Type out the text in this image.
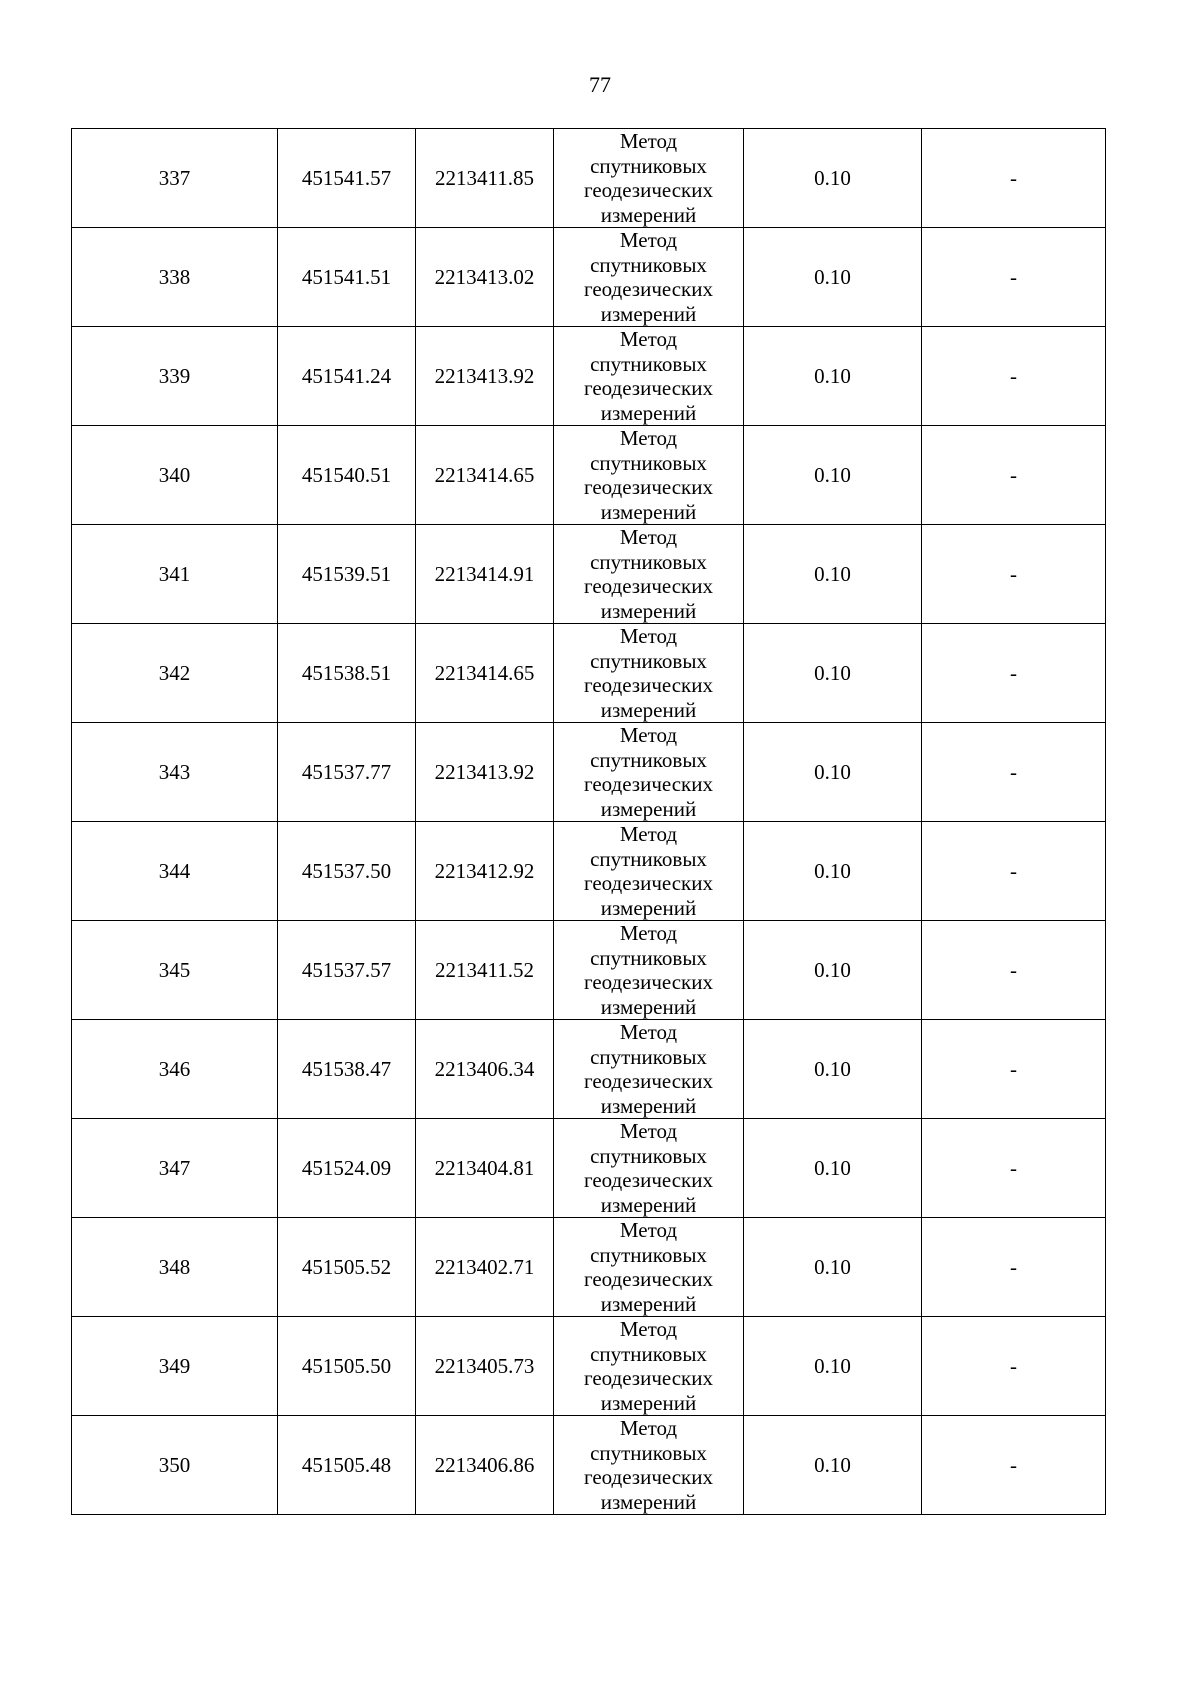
77
337	451541.57	2213411.85	Метод
спутниковых
геодезических
измерений	0.10	-
338	451541.51	2213413.02	Метод
спутниковых
геодезических
измерений	0.10	-
339	451541.24	2213413.92	Метод
спутниковых
геодезических
измерений	0.10	-
340	451540.51	2213414.65	Метод
спутниковых
геодезических
измерений	0.10	-
341	451539.51	2213414.91	Метод
спутниковых
геодезических
измерений	0.10	-
342	451538.51	2213414.65	Метод
спутниковых
геодезических
измерений	0.10	-
343	451537.77	2213413.92	Метод
спутниковых
геодезических
измерений	0.10	-
344	451537.50	2213412.92	Метод
спутниковых
геодезических
измерений	0.10	-
345	451537.57	2213411.52	Метод
спутниковых
геодезических
измерений	0.10	-
346	451538.47	2213406.34	Метод
спутниковых
геодезических
измерений	0.10	-
347	451524.09	2213404.81	Метод
спутниковых
геодезических
измерений	0.10	-
348	451505.52	2213402.71	Метод
спутниковых
геодезических
измерений	0.10	-
349	451505.50	2213405.73	Метод
спутниковых
геодезических
измерений	0.10	-
350	451505.48	2213406.86	Метод
спутниковых
геодезических
измерений	0.10	-
